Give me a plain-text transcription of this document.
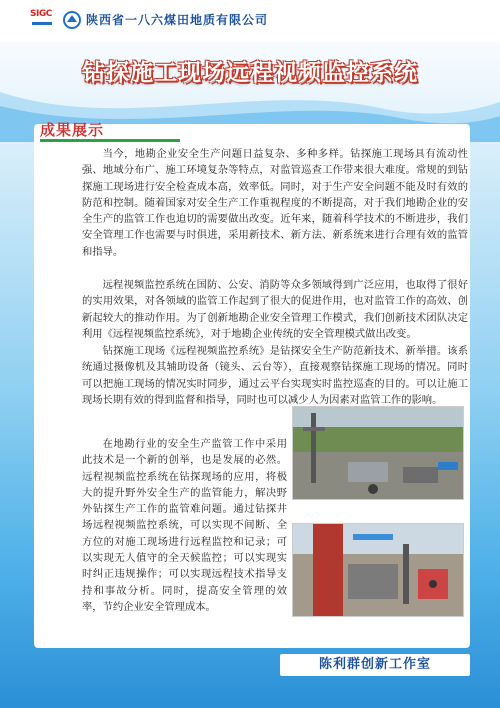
SIGC	陕西省一八六煤田地质有限公司
钻探施工现场远程视频监控系统
成果展示
当今，地勘企业安全生产问题日益复杂、多种多样。钻探施工现场具有流动性强、地域分布广、施工环境复杂等特点，对监管巡查工作带来很大难度。常规的到钻探施工现场进行安全检查成本高，效率低。同时，对于生产安全问题不能及时有效的防范和控制。随着国家对安全生产工作重视程度的不断提高，对于我们地勘企业的安全生产的监管工作也迫切的需要做出改变。近年来，随着科学技术的不断进步，我们安全管理工作也需要与时俱进，采用新技术、新方法、新系统来进行合理有效的监管和指导。
远程视频监控系统在国防、公安、消防等众多领域得到广泛应用，也取得了很好的实用效果，对各领域的监管工作起到了很大的促进作用，也对监管工作的高效、创新起较大的推动作用。为了创新地勘企业安全管理工作模式，我们创新技术团队决定利用《远程视频监控系统》，对于地勘企业传统的安全管理模式做出改变。
钻探施工现场《远程视频监控系统》是钻探安全生产防范新技术、新举措。该系统通过摄像机及其辅助设备（镜头、云台等），直接观察钻探施工现场的情况。同时可以把施工现场的情况实时同步，通过云平台实现实时监控巡查的目的。可以让施工现场长期有效的得到监督和指导，同时也可以减少人为因素对监管工作的影响。
在地勘行业的安全生产监管工作中采用此技术是一个新的创举，也是发展的必然。远程视频监控系统在钻探现场的应用，将极大的提升野外安全生产的监管能力，解决野外钻探生产工作的监管难问题。通过钻探井场远程视频监控系统，可以实现不间断、全方位的对施工现场进行远程监控和记录；可以实现无人值守的全天候监控；可以实现实时纠正违规操作；可以实现远程技术指导支持和事故分析。同时，提高安全管理的效率，节约企业安全管理成本。
陈利群创新工作室
